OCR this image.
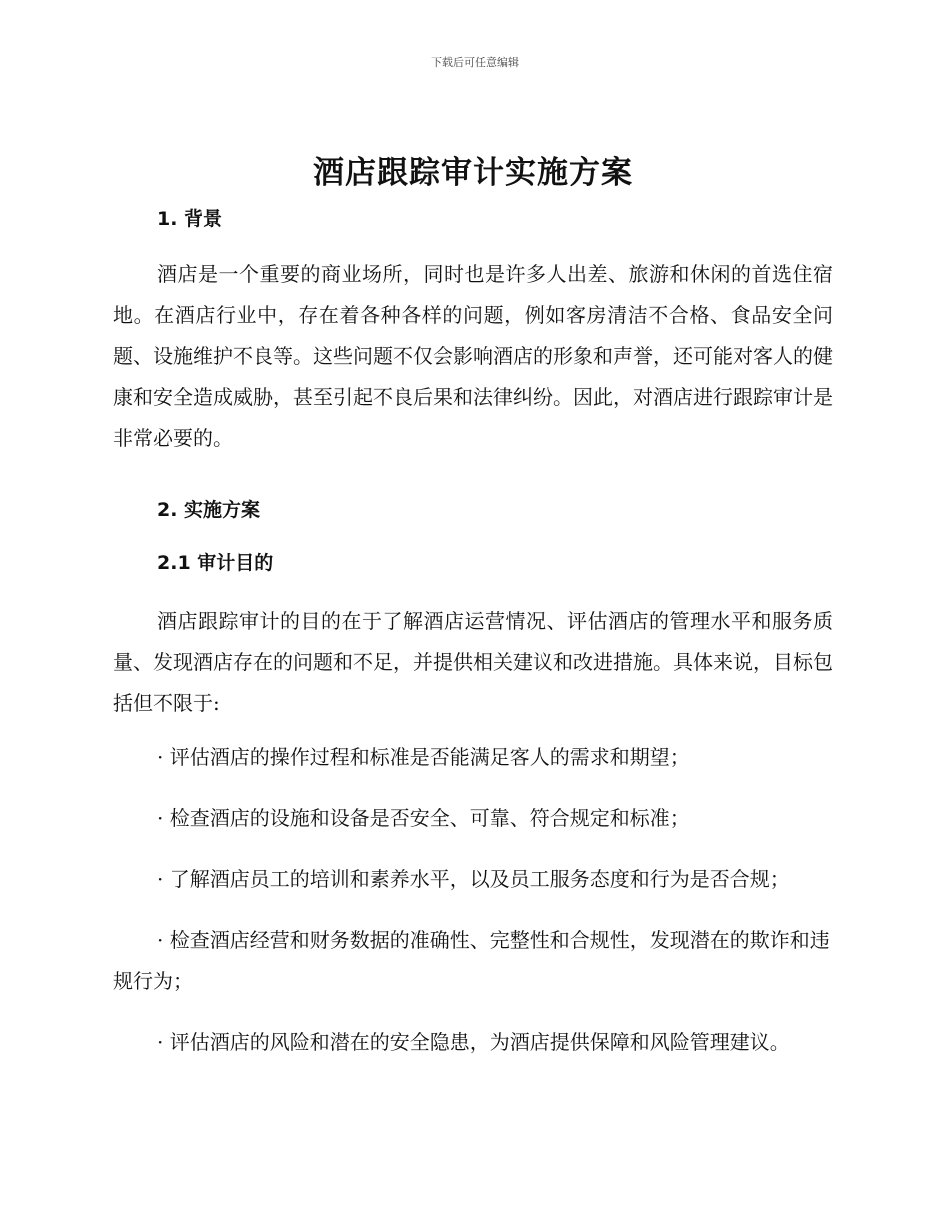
下载后可任意编辑
酒店跟踪审计实施方案
1. 背景

酒店是一个重要的商业场所，同时也是许多人出差、旅游和休闲的首选住宿地。在酒店行业中，存在着各种各样的问题，例如客房清洁不合格、食品安全问题、设施维护不良等。这些问题不仅会影响酒店的形象和声誉，还可能对客人的健康和安全造成威胁，甚至引起不良后果和法律纠纷。因此，对酒店进行跟踪审计是非常必要的。

2. 实施方案
2.1 审计目的

酒店跟踪审计的目的在于了解酒店运营情况、评估酒店的管理水平和服务质量、发现酒店存在的问题和不足，并提供相关建议和改进措施。具体来说，目标包括但不限于:

· 评估酒店的操作过程和标准是否能满足客人的需求和期望；

· 检查酒店的设施和设备是否安全、可靠、符合规定和标准；

· 了解酒店员工的培训和素养水平，以及员工服务态度和行为是否合规；

· 检查酒店经营和财务数据的准确性、完整性和合规性，发现潜在的欺诈和违规行为；

· 评估酒店的风险和潜在的安全隐患，为酒店提供保障和风险管理建议。
